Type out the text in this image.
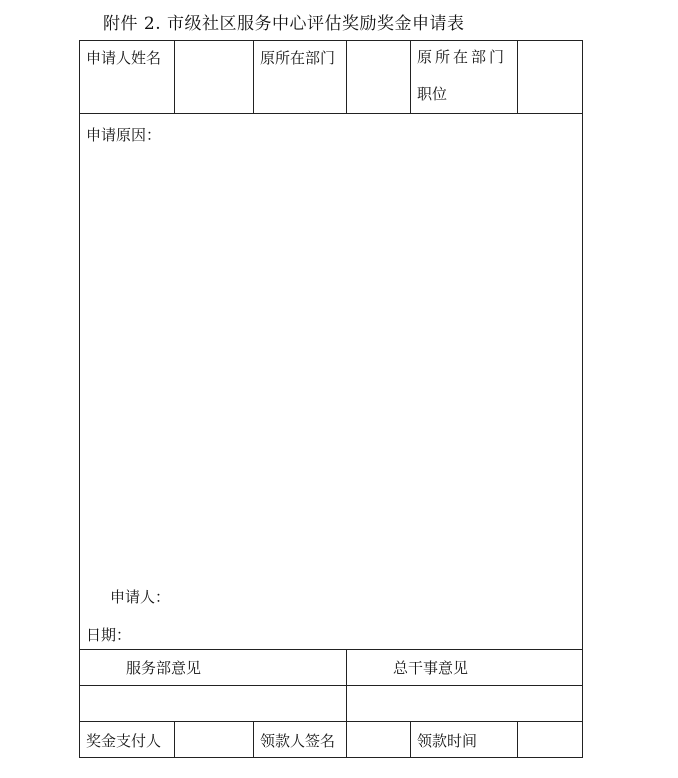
附件 2. 市级社区服务中心评估奖励奖金申请表
申请人姓名		原所在部门		原所在部门
职位	

申请原因：
申请人：
日期：					

服务部意见			总干事意见		

奖金支付人		领款人签名		领款时间	
